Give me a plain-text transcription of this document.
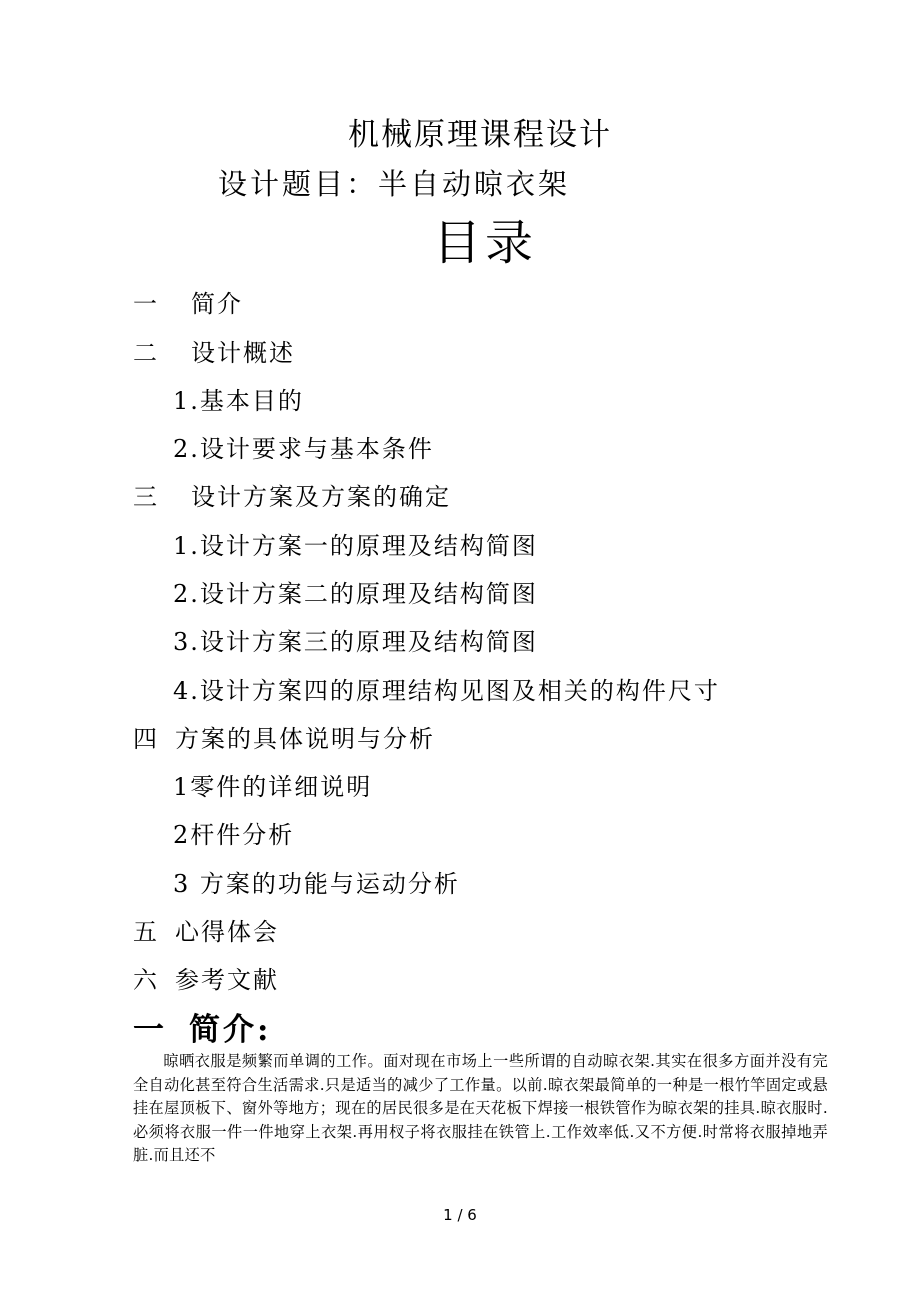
机械原理课程设计
设计题目：半自动晾衣架
目录
一 简介
二 设计概述
1.基本目的
2.设计要求与基本条件
三 设计方案及方案的确定
1.设计方案一的原理及结构简图
2.设计方案二的原理及结构简图
3.设计方案三的原理及结构简图
4.设计方案四的原理结构见图及相关的构件尺寸
四 方案的具体说明与分析
1零件的详细说明
2杆件分析
3 方案的功能与运动分析
五 心得体会
六 参考文献
一 简介:
晾晒衣服是频繁而单调的工作。面对现在市场上一些所谓的自动晾衣架.其实在很多方面并没有完全自动化甚至符合生活需求.只是适当的减少了工作量。以前.晾衣架最简单的一种是一根竹竿固定或悬挂在屋顶板下、窗外等地方；现在的居民很多是在天花板下焊接一根铁管作为晾衣架的挂具.晾衣服时.必须将衣服一件一件地穿上衣架.再用杈子将衣服挂在铁管上.工作效率低.又不方便.时常将衣服掉地弄脏.而且还不
1 / 6
